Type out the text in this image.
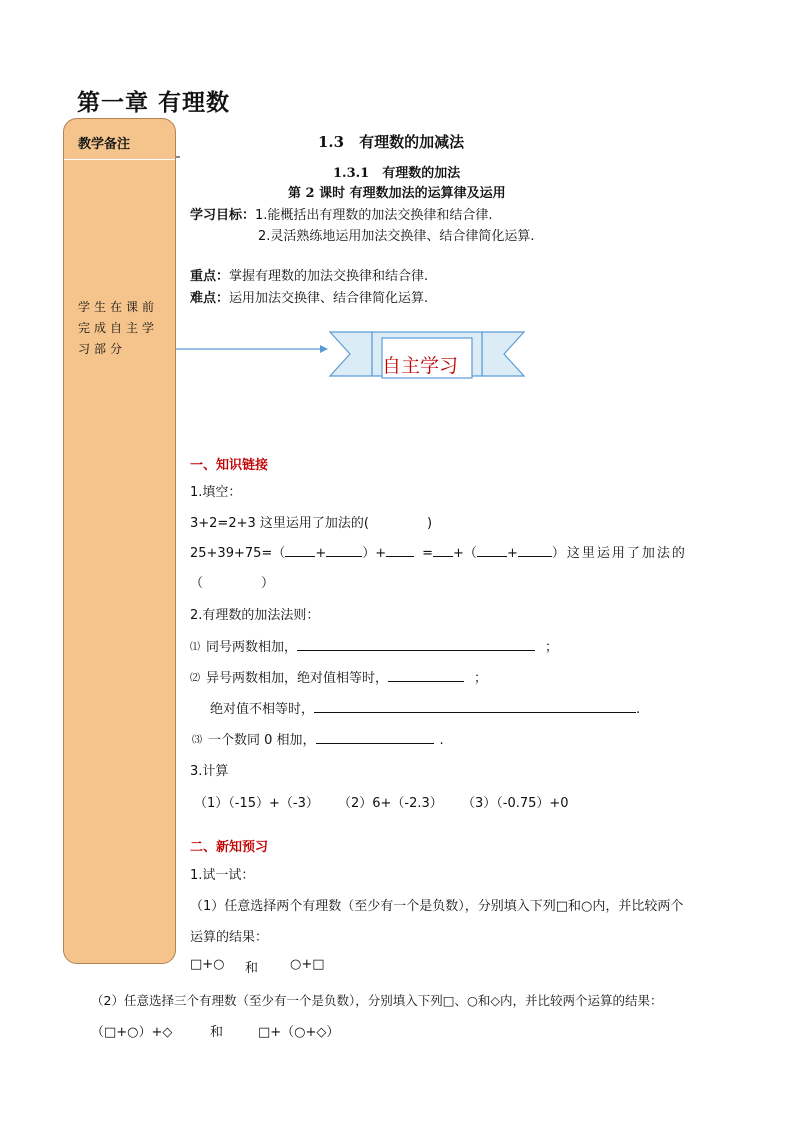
第一章 有理数
教学备注
学生在课前完成自主学习部分
1.3　有理数的加减法
1.3.1　有理数的加法
第 2 课时 有理数加法的运算律及运用
学习目标：1.能概括出有理数的加法交换律和结合律.
2.灵活熟练地运用加法交换律、结合律简化运算.
重点：掌握有理数的加法交换律和结合律.
难点：运用加法交换律、结合律简化运算.
自主学习
一、知识链接
1.填空：
3+2=2+3 这里运用了加法的(	)
25+39+75=（ +	）+	= +（ +	）这里运用了加法的
（	）
2.有理数的加法法则：
⑴ 同号两数相加，	；
⑵ 异号两数相加，绝对值相等时，	；
绝对值不相等时，	.
⑶ 一个数同 0 相加，	.
3.计算
（1）（-15）+（-3） （2）6+（-2.3） （3）（-0.75）+0
二、新知预习
1.试一试：
（1）任意选择两个有理数（至少有一个是负数），分别填入下列□和○内，并比较两个
运算的结果：
□+○ 和 ○+□
（2）任意选择三个有理数（至少有一个是负数），分别填入下列□、○和◇内，并比较两个运算的结果：
（□+○）+◇	和	□+（○+◇）
